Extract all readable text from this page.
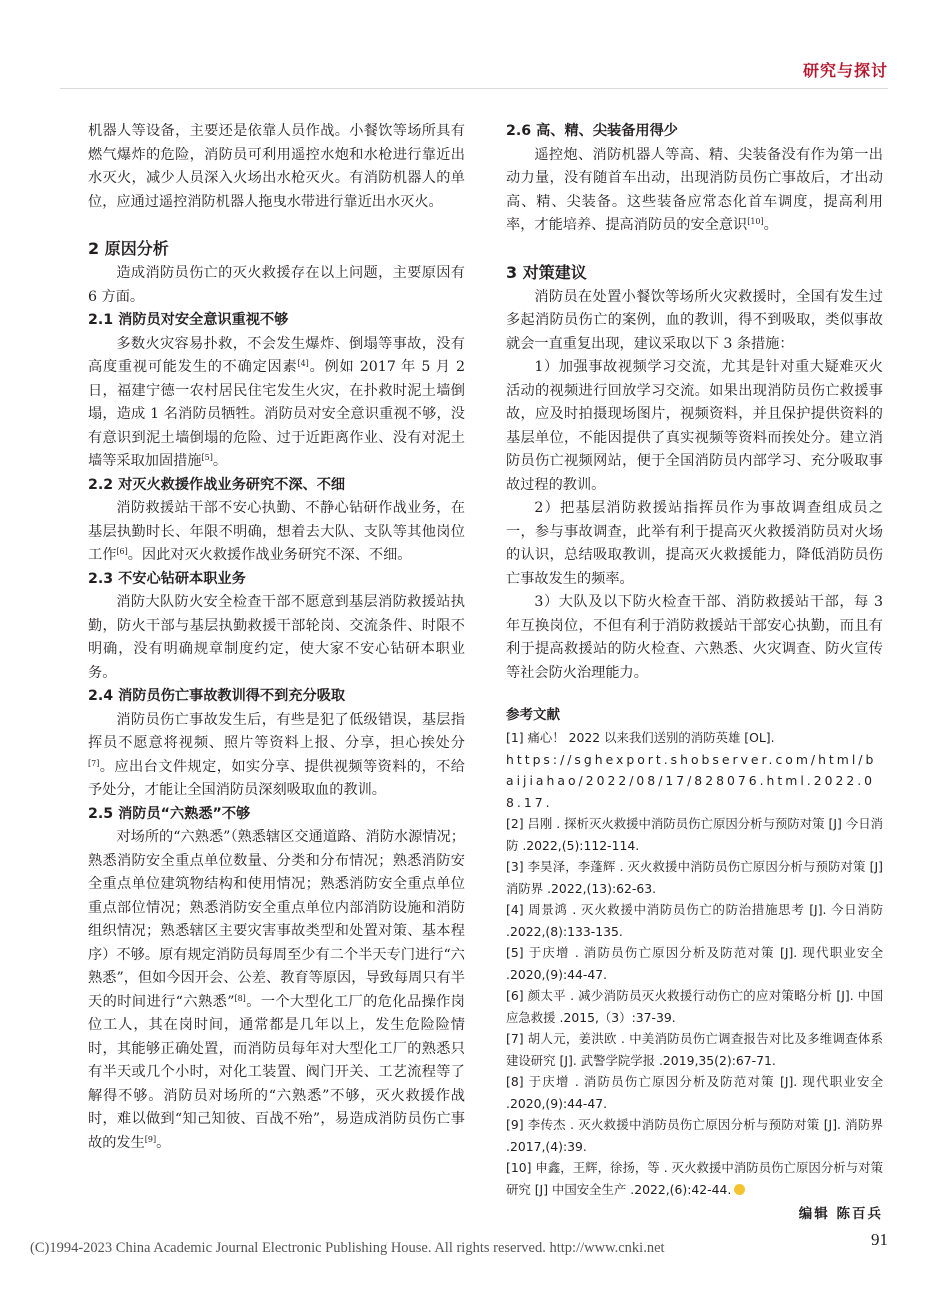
研究与探讨

机器人等设备，主要还是依靠人员作战。小餐饮等场所具有燃气爆炸的危险，消防员可利用遥控水炮和水枪进行靠近出水灭火，减少人员深入火场出水枪灭火。有消防机器人的单位，应通过遥控消防机器人拖曳水带进行靠近出水灭火。

2 原因分析

造成消防员伤亡的灭火救援存在以上问题，主要原因有 6 方面。

2.1 消防员对安全意识重视不够

多数火灾容易扑救，不会发生爆炸、倒塌等事故，没有高度重视可能发生的不确定因素[4]。例如 2017 年 5 月 2 日，福建宁德一农村居民住宅发生火灾，在扑救时泥土墙倒塌，造成 1 名消防员牺牲。消防员对安全意识重视不够，没有意识到泥土墙倒塌的危险、过于近距离作业、没有对泥土墙等采取加固措施[5]。

2.2 对灭火救援作战业务研究不深、不细

消防救援站干部不安心执勤、不静心钻研作战业务，在基层执勤时长、年限不明确，想着去大队、支队等其他岗位工作[6]。因此对灭火救援作战业务研究不深、不细。

2.3 不安心钻研本职业务

消防大队防火安全检查干部不愿意到基层消防救援站执勤，防火干部与基层执勤救援干部轮岗、交流条件、时限不明确，没有明确规章制度约定，使大家不安心钻研本职业务。

2.4 消防员伤亡事故教训得不到充分吸取

消防员伤亡事故发生后，有些是犯了低级错误，基层指挥员不愿意将视频、照片等资料上报、分享，担心挨处分[7]。应出台文件规定，如实分享、提供视频等资料的，不给予处分，才能让全国消防员深刻吸取血的教训。

2.5 消防员“六熟悉”不够

对场所的“六熟悉”（熟悉辖区交通道路、消防水源情况；熟悉消防安全重点单位数量、分类和分布情况；熟悉消防安全重点单位建筑物结构和使用情况；熟悉消防安全重点单位重点部位情况；熟悉消防安全重点单位内部消防设施和消防组织情况；熟悉辖区主要灾害事故类型和处置对策、基本程序）不够。原有规定消防员每周至少有二个半天专门进行“六熟悉”，但如今因开会、公差、教育等原因，导致每周只有半天的时间进行“六熟悉”[8]。一个大型化工厂的危化品操作岗位工人，其在岗时间，通常都是几年以上，发生危险险情时，其能够正确处置，而消防员每年对大型化工厂的熟悉只有半天或几个小时，对化工装置、阀门开关、工艺流程等了解得不够。消防员对场所的“六熟悉”不够，灭火救援作战时，难以做到“知己知彼、百战不殆”，易造成消防员伤亡事故的发生[9]。

2.6 高、精、尖装备用得少

遥控炮、消防机器人等高、精、尖装备没有作为第一出动力量，没有随首车出动，出现消防员伤亡事故后，才出动高、精、尖装备。这些装备应常态化首车调度，提高利用率，才能培养、提高消防员的安全意识[10]。

3 对策建议

消防员在处置小餐饮等场所火灾救援时，全国有发生过多起消防员伤亡的案例，血的教训，得不到吸取，类似事故就会一直重复出现，建议采取以下 3 条措施：

1）加强事故视频学习交流，尤其是针对重大疑难灭火活动的视频进行回放学习交流。如果出现消防员伤亡救援事故，应及时拍摄现场图片，视频资料，并且保护提供资料的基层单位，不能因提供了真实视频等资料而挨处分。建立消防员伤亡视频网站，便于全国消防员内部学习、充分吸取事故过程的教训。

2）把基层消防救援站指挥员作为事故调查组成员之一，参与事故调查，此举有利于提高灭火救援消防员对火场的认识，总结吸取教训，提高灭火救援能力，降低消防员伤亡事故发生的频率。

3）大队及以下防火检查干部、消防救援站干部，每 3 年互换岗位，不但有利于消防救援站干部安心执勤，而且有利于提高救援站的防火检查、六熟悉、火灾调查、防火宣传等社会防火治理能力。

参考文献
[1] 痛心！ 2022 以来我们送别的消防英雄 [OL].
https://sghexport.shobserver.com/html/baijiahao/2022/08/17/828076.html.2022.08.17.
[2] 吕刚 . 探析灭火救援中消防员伤亡原因分析与预防对策 [J] 今日消防 .2022,(5):112-114.
[3] 李昊泽，李蓬辉 . 灭火救援中消防员伤亡原因分析与预防对策 [J] 消防界 .2022,(13):62-63.
[4] 周景鸿 . 灭火救援中消防员伤亡的防治措施思考 [J]. 今日消防 .2022,(8):133-135.
[5] 于庆增 . 消防员伤亡原因分析及防范对策 [J]. 现代职业安全 .2020,(9):44-47.
[6] 颜太平 . 减少消防员灭火救援行动伤亡的应对策略分析 [J]. 中国应急救援 .2015,（3）:37-39.
[7] 胡人元，姜洪欧 . 中美消防员伤亡调查报告对比及多维调查体系建设研究 [J]. 武警学院学报 .2019,35(2):67-71.
[8] 于庆增 . 消防员伤亡原因分析及防范对策 [J]. 现代职业安全 .2020,(9):44-47.
[9] 李传杰 . 灭火救援中消防员伤亡原因分析与预防对策 [J]. 消防界 .2017,(4):39.
[10] 申鑫，王辉，徐扬，等 . 灭火救援中消防员伤亡原因分析与对策研究 [J] 中国安全生产 .2022,(6):42-44.
编辑 陈百兵
(C)1994-2023 China Academic Journal Electronic Publishing House. All rights reserved. http://www.cnki.net	91
